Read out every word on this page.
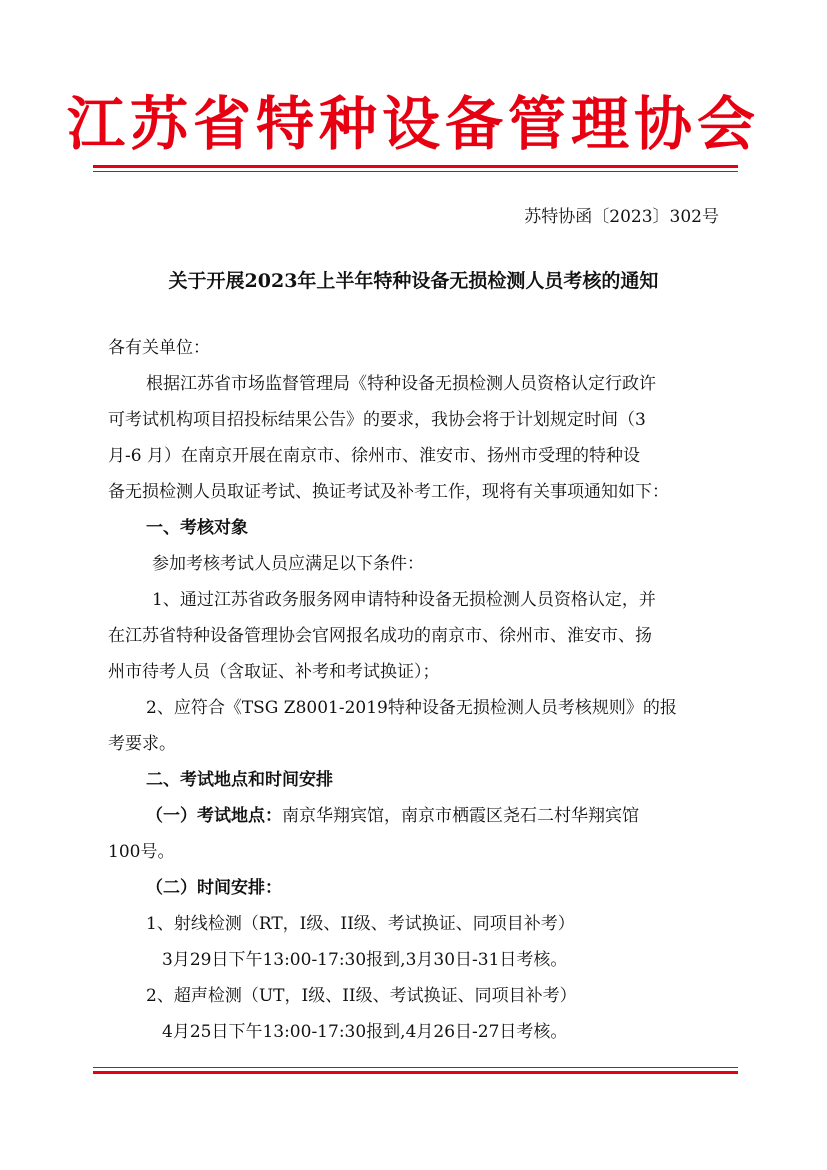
江苏省特种设备管理协会
苏特协函〔2023〕302号
关于开展2023年上半年特种设备无损检测人员考核的通知
各有关单位：
根据江苏省市场监督管理局《特种设备无损检测人员资格认定行政许
可考试机构项目招投标结果公告》的要求，我协会将于计划规定时间（3
月-6 月）在南京开展在南京市、徐州市、淮安市、扬州市受理的特种设
备无损检测人员取证考试、换证考试及补考工作，现将有关事项通知如下：
一、考核对象
参加考核考试人员应满足以下条件：
1、通过江苏省政务服务网申请特种设备无损检测人员资格认定，并
在江苏省特种设备管理协会官网报名成功的南京市、徐州市、淮安市、扬
州市待考人员（含取证、补考和考试换证）；
2、应符合《TSG Z8001-2019特种设备无损检测人员考核规则》的报
考要求。
二、考试地点和时间安排
（一）考试地点：南京华翔宾馆，南京市栖霞区尧石二村华翔宾馆
100号。
（二）时间安排：
1、射线检测（RT，I级、II级、考试换证、同项目补考）
3月29日下午13:00-17:30报到,3月30日-31日考核。
2、超声检测（UT，I级、II级、考试换证、同项目补考）
4月25日下午13:00-17:30报到,4月26日-27日考核。
